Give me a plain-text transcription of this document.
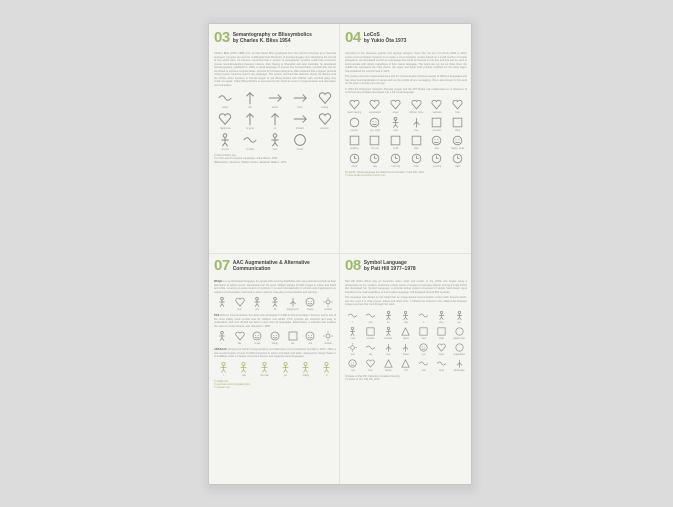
03 Semantography or Blissymbolics
by Charles K. Bliss 1954
Charles Bliss (1897–1985) born as Karl Kasiel Blitz (graduated from the Vienna University as a chemical engineer). He grew up near the multilingual Dual Monarchy of Austria-Hungary and, witnessing the turmoil of two world wars, he became convinced that a system of pictographic symbols could help overcome mutual misunderstanding between nations. After fleeing to Shanghai and later Australia, he developed Semantography, published in 1949, a visual language of around one hundred basic symbols that can be combined to express complex ideas. Inspired by Chinese ideograms, Bliss believed that a logical, pictorial writing system could be read in any language. The system received little attention during his lifetime until the 1970s, when teachers in Toronto began to use Blissymbolics with children with cerebral palsy who could not speak. Today Blissymbolics is used around the world as a form of augmentative and alternative communication.
water	life	action	more	feeling
happiness	to grow	up	forward	emotion
person	to walk	man	mouth
© blissymbolics.org
© In the Land of Invented Languages, Arika Okrent, 2009
(Bilderwelten, Sprache), Wilfried Jochim, Elisabeth Walther, 1975
04 LoCoS
by Yukio Ōta 1973
According to the Japanese graphic and signage designer Yukio Ōta, the aim of LoCoS (1964 to 1973, Lovers Communication System) is to create a communication system based on a small number of simple pictograms. He developed LoCoS as a language that could be learned in one day and that can be used to communicate with others regardless of their native language. The signs are set out on three lines: the middle line represents the main theme, the upper and lower lines provide modifiers for the basic signs. Ōta published his LoCoS book in 1973.
The system was first implemented as a tool for communication between people of different languages and has since found application in areas such as the mobile phone messaging. Ōta is also known for his work on the green running man exit sign.
In 2014 the Pictogram Institute's Pictolab project and the MIT Media Lab collaborated on a reference of LoCoS as its principles developed into a full visual language.
heart, feeling	expectation	anger	without, hope	sadness	love
person	eye, sight	man	tree	question	thing
building	the cat	to fill	plan	face	happy, smile
clock	day	morning	noon	evening	night
© LoCoS: Visual Language for Global Communication, Yukio Ōta, 2014
© locos.lanilla.com/locos-ss/pict.com
07 AAC Augmentative & Alternative
Communication
Widgit is a symbol-based language for people with learning disabilities that uses pictorial symbols as their alternative to written words. Developed over 30 years, Widgit includes 15,000 images in colour and black and white, covering an entire lexicon of symbols. It is used internationally in schools and organisations to support communication and literacy and is used for everyday communication and learning.
I	love	you	sit	playground	happy	outside
PCS (Picture Communication Symbols) was developed in 1980 by Roxanna Mayer Johnson and is one of the most widely used symbol sets for children and adults. PCS symbols are colourful and easy to understand, with over 40,000 symbols in more than 44 languages. Boardmaker, a software that enables the users to create boards, was released in 1990.
I	like	to eat	happy	tea	eat	outside
ARASAAC (Aragonese Portal of Augmentative and Alternative Communication) founded in 2007, offers a free symbol system of over 11,000 pictograms in colour and black and white, designed by Sergio Palao. It is available under a Creative Commons licence and supports many languages.
I	like	the man	go	happy	in
© widgit.com
© pecsmart.com/cms/gallery/pcs
© arasaac.org
08 Symbol Language
by Pati Hill 1977–1978
Pati Hill (1921–2014) was an American writer, artist and model. In the 1970s she began using a photocopier as her medium, producing a large series of images of everyday objects. During the late 1970s she developed her Symbol Language, a pictorial writing system composed of simple hand-drawn signs intended to be read regardless of one's native language. Hill designed around 800 symbols.
The language was based on her belief that an image-based communication could reach beyond words, and she used it to write poems, letters and short texts. It reflects her interest in the relationship between images and text that runs through her work.
I	you	he	she	it	they	we
man	window	woman	glass	bed	chair	glass bowl
sun	sky	tree	flower	eye	heart	vegetables
cat	love	house	hill	rain	word	landscape
© Estate of Pati Hill, Collection Arcadia University,
© Letters to Jim, Pati Hill, 1979
